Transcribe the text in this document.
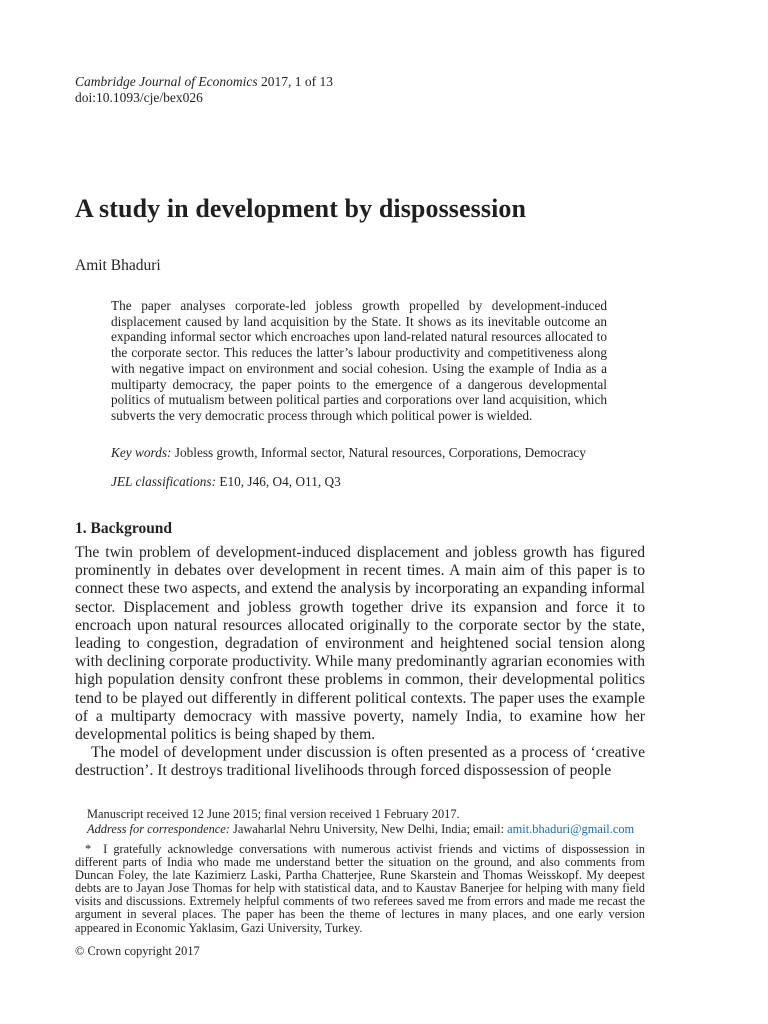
Cambridge Journal of Economics 2017, 1 of 13
doi:10.1093/cje/bex026
A study in development by dispossession
Amit Bhaduri

The paper analyses corporate-led jobless growth propelled by development-induced displacement caused by land acquisition by the State. It shows as its inevitable outcome an expanding informal sector which encroaches upon land-related natural resources allocated to the corporate sector. This reduces the latter’s labour productivity and competitiveness along with negative impact on environment and social cohesion. Using the example of India as a multiparty democracy, the paper points to the emergence of a dangerous developmental politics of mutualism between political parties and corporations over land acquisition, which subverts the very democratic process through which political power is wielded.

Key words: Jobless growth, Informal sector, Natural resources, Corporations, Democracy

JEL classifications: E10, J46, O4, O11, Q3

1. Background

The twin problem of development-induced displacement and jobless growth has figured prominently in debates over development in recent times. A main aim of this paper is to connect these two aspects, and extend the analysis by incorporating an expanding informal sector. Displacement and jobless growth together drive its expansion and force it to encroach upon natural resources allocated originally to the corporate sector by the state, leading to congestion, degradation of environment and heightened social tension along with declining corporate productivity. While many predominantly agrarian economies with high population density confront these problems in common, their developmental politics tend to be played out differently in different political contexts. The paper uses the example of a multiparty democracy with massive poverty, namely India, to examine how her developmental politics is being shaped by them.

The model of development under discussion is often presented as a process of ‘creative destruction’. It destroys traditional livelihoods through forced dispossession of people

Manuscript received 12 June 2015; final version received 1 February 2017.
Address for correspondence: Jawaharlal Nehru University, New Delhi, India; email: amit.bhaduri@gmail.com

* I gratefully acknowledge conversations with numerous activist friends and victims of dispossession in different parts of India who made me understand better the situation on the ground, and also comments from Duncan Foley, the late Kazimierz Laski, Partha Chatterjee, Rune Skarstein and Thomas Weisskopf. My deepest debts are to Jayan Jose Thomas for help with statistical data, and to Kaustav Banerjee for helping with many field visits and discussions. Extremely helpful comments of two referees saved me from errors and made me recast the argument in several places. The paper has been the theme of lectures in many places, and one early version appeared in Economic Yaklasim, Gazi University, Turkey.

© Crown copyright 2017
